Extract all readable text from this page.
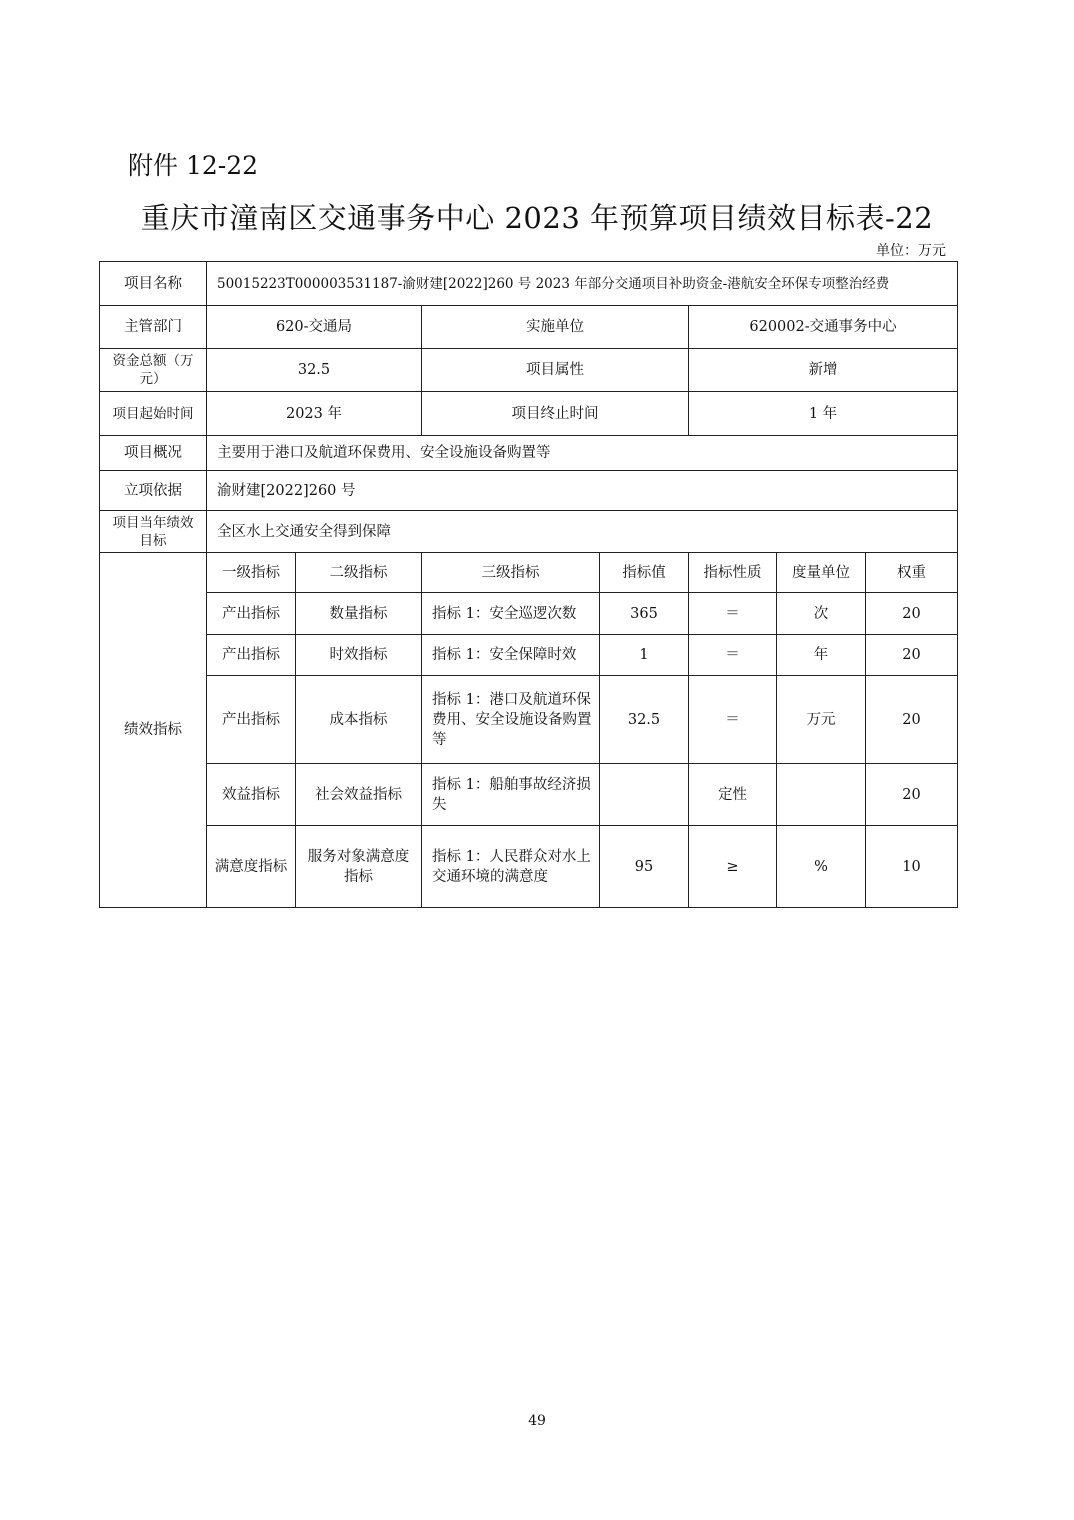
附件 12-22
重庆市潼南区交通事务中心 2023 年预算项目绩效目标表-22
单位：万元
项目名称	50015223T000003531187-渝财建[2022]260 号 2023 年部分交通项目补助资金-港航安全环保专项整治经费						
主管部门	620-交通局		实施单位		620002-交通事务中心		
资金总额（万元）	32.5		项目属性		新增		
项目起始时间	2023 年		项目终止时间		1 年		
项目概况	主要用于港口及航道环保费用、安全设施设备购置等						
立项依据	渝财建[2022]260 号						
项目当年绩效目标	全区水上交通安全得到保障						
绩效指标	一级指标	二级指标	三级指标	指标值	指标性质	度量单位	权重
	产出指标	数量指标	指标 1：安全巡逻次数	365	＝	次	20
	产出指标	时效指标	指标 1：安全保障时效	1	＝	年	20
	产出指标	成本指标	指标 1：港口及航道环保费用、安全设施设备购置等	32.5	＝	万元	20
	效益指标	社会效益指标	指标 1：船舶事故经济损失		定性		20
	满意度指标	服务对象满意度指标	指标 1：人民群众对水上交通环境的满意度	95	≥	%	10
49
